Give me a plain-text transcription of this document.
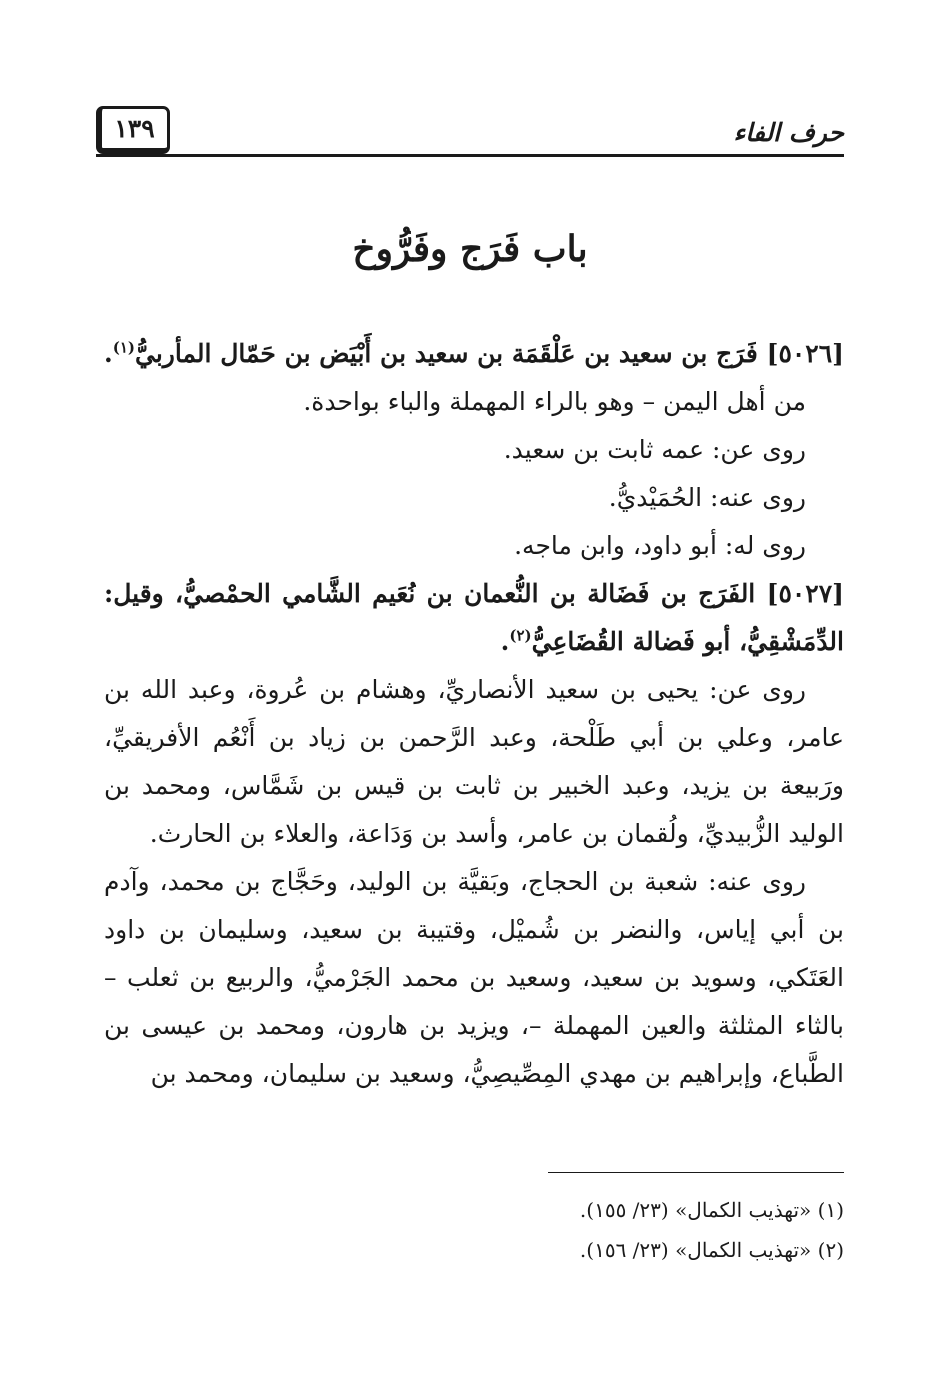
حرف الفاء
١٣٩
باب فَرَج وفَرُّوخ
[٥٠٢٦] فَرَج بن سعيد بن عَلْقَمَة بن سعيد بن أَبْيَض بن حَمّال المأربيُّ$^{(١)}$.
من أهل اليمن – وهو بالراء المهملة والباء بواحدة.
روى عن: عمه ثابت بن سعيد.
روى عنه: الحُمَيْديُّ.
روى له: أبو داود، وابن ماجه.
[٥٠٢٧] الفَرَج بن فَضَالة بن النُّعمان بن نُعَيم الشَّامي الحمْصيُّ، وقيل: الدِّمَشْقِيُّ، أبو فَضالة القُضَاعِيُّ$^{(٢)}$.
روى عن: يحيى بن سعيد الأنصاريِّ، وهشام بن عُروة، وعبد الله بن عامر، وعلي بن أبي طَلْحة، وعبد الرَّحمن بن زياد بن أَنْعُم الأفريقيِّ، ورَبيعة بن يزيد، وعبد الخبير بن ثابت بن قيس بن شَمَّاس، ومحمد بن الوليد الزُّبيديِّ، ولُقمان بن عامر، وأسد بن وَدَاعة، والعلاء بن الحارث.
روى عنه: شعبة بن الحجاج، وبَقيَّة بن الوليد، وحَجَّاج بن محمد، وآدم بن أبي إياس، والنضر بن شُميْل، وقتيبة بن سعيد، وسليمان بن داود العَتَكي، وسويد بن سعيد، وسعيد بن محمد الجَرْميُّ، والربيع بن ثعلب – بالثاء المثلثة والعين المهملة –، ويزيد بن هارون، ومحمد بن عيسى بن الطَّباع، وإبراهيم بن مهدي المِصِّيصِيُّ، وسعيد بن سليمان، ومحمد بن
(١) «تهذيب الكمال» (٢٣/ ١٥٥).
(٢) «تهذيب الكمال» (٢٣/ ١٥٦).
